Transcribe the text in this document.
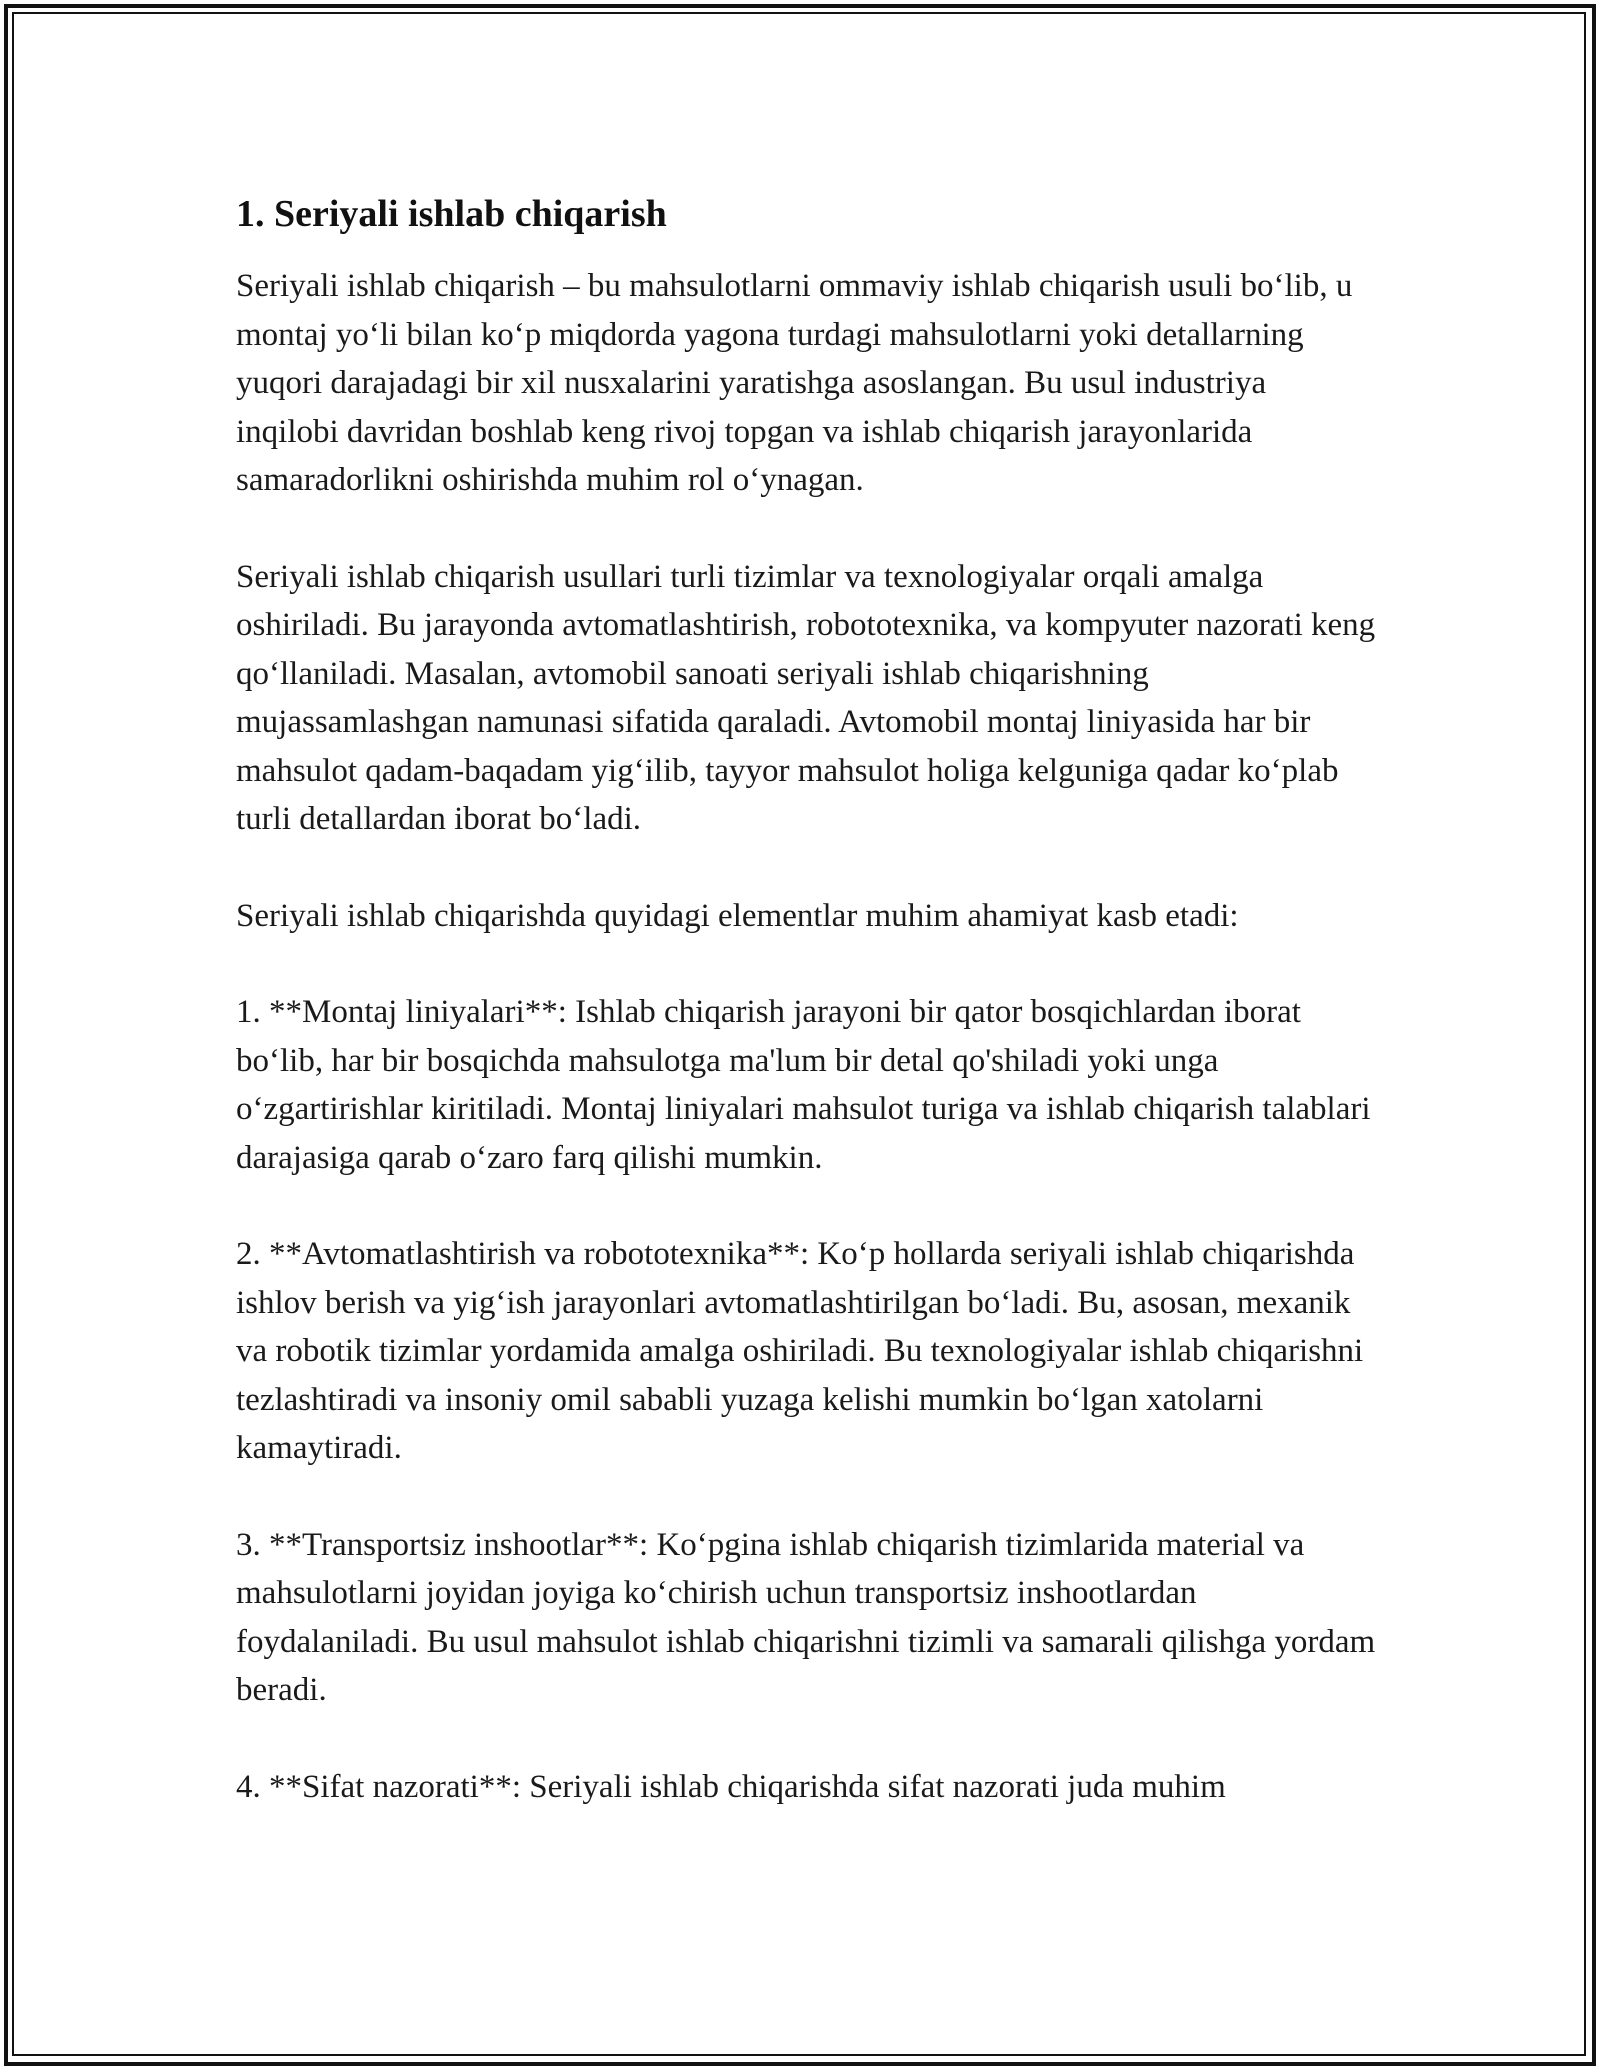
1. Seriyali ishlab chiqarish

Seriyali ishlab chiqarish – bu mahsulotlarni ommaviy ishlab chiqarish usuli bo‘lib, u montaj yo‘li bilan ko‘p miqdorda yagona turdagi mahsulotlarni yoki detallarning yuqori darajadagi bir xil nusxalarini yaratishga asoslangan. Bu usul industriya inqilobi davridan boshlab keng rivoj topgan va ishlab chiqarish jarayonlarida samaradorlikni oshirishda muhim rol o‘ynagan.

Seriyali ishlab chiqarish usullari turli tizimlar va texnologiyalar orqali amalga oshiriladi. Bu jarayonda avtomatlashtirish, robototexnika, va kompyuter nazorati keng qo‘llaniladi. Masalan, avtomobil sanoati seriyali ishlab chiqarishning mujassamlashgan namunasi sifatida qaraladi. Avtomobil montaj liniyasida har bir mahsulot qadam-baqadam yig‘ilib, tayyor mahsulot holiga kelguniga qadar ko‘plab turli detallardan iborat bo‘ladi.

Seriyali ishlab chiqarishda quyidagi elementlar muhim ahamiyat kasb etadi:

1. **Montaj liniyalari**: Ishlab chiqarish jarayoni bir qator bosqichlardan iborat bo‘lib, har bir bosqichda mahsulotga ma'lum bir detal qo'shiladi yoki unga o‘zgartirishlar kiritiladi. Montaj liniyalari mahsulot turiga va ishlab chiqarish talablari darajasiga qarab o‘zaro farq qilishi mumkin.

2. **Avtomatlashtirish va robototexnika**: Ko‘p hollarda seriyali ishlab chiqarishda ishlov berish va yig‘ish jarayonlari avtomatlashtirilgan bo‘ladi. Bu, asosan, mexanik va robotik tizimlar yordamida amalga oshiriladi. Bu texnologiyalar ishlab chiqarishni tezlashtiradi va insoniy omil sababli yuzaga kelishi mumkin bo‘lgan xatolarni kamaytiradi.

3. **Transportsiz inshootlar**: Ko‘pgina ishlab chiqarish tizimlarida material va mahsulotlarni joyidan joyiga ko‘chirish uchun transportsiz inshootlardan foydalaniladi. Bu usul mahsulot ishlab chiqarishni tizimli va samarali qilishga yordam beradi.

4. **Sifat nazorati**: Seriyali ishlab chiqarishda sifat nazorati juda muhim
